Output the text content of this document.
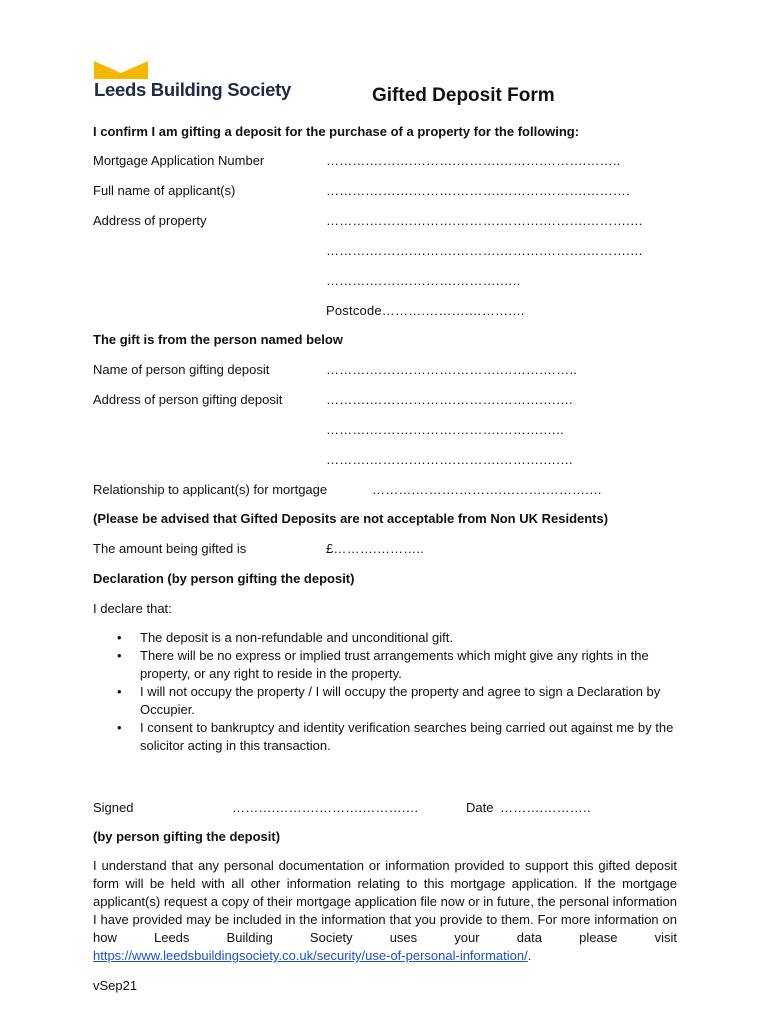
Leeds Building Society	Gifted Deposit Form
I confirm I am gifting a deposit for the purchase of a property for the following:
Mortgage Application Number	……….……….……….……….……….……….……..
Full name of applicant(s)	……….……….……….……….……….……….……….
Address of property	……….……….……….……….……….……….……….…
……….……….……….……….……….……….……….…
……….……….……….……….…..
Postcode……….……….……….…
The gift is from the person named below
Name of person gifting deposit	……….……….……….……….……….……..
Address of person gifting deposit	……….……….……….……….……….….…
……….……….……….……….……….…..
……….……….……….……….……….….…
Relationship to applicant(s) for mortgage	……….……….……….……….……….…
(Please be advised that Gifted Deposits are not acceptable from Non UK Residents)
The amount being gifted is	£……….………..
Declaration (by person gifting the deposit)
I declare that:
• The deposit is a non-refundable and unconditional gift.
• There will be no express or implied trust arrangements which might give any rights in the property, or any right to reside in the property.
• I will not occupy the property / I will occupy the property and agree to sign a Declaration by Occupier.
• I consent to bankruptcy and identity verification searches being carried out against me by the solicitor acting in this transaction.
Signed	……….……….……….……….…	Date ……….………..
(by person gifting the deposit)
I understand that any personal documentation or information provided to support this gifted deposit form will be held with all other information relating to this mortgage application. If the mortgage applicant(s) request a copy of their mortgage application file now or in future, the personal information I have provided may be included in the information that you provide to them. For more information on how Leeds Building Society uses your data please visit https://www.leedsbuildingsociety.co.uk/security/use-of-personal-information/.
vSep21
